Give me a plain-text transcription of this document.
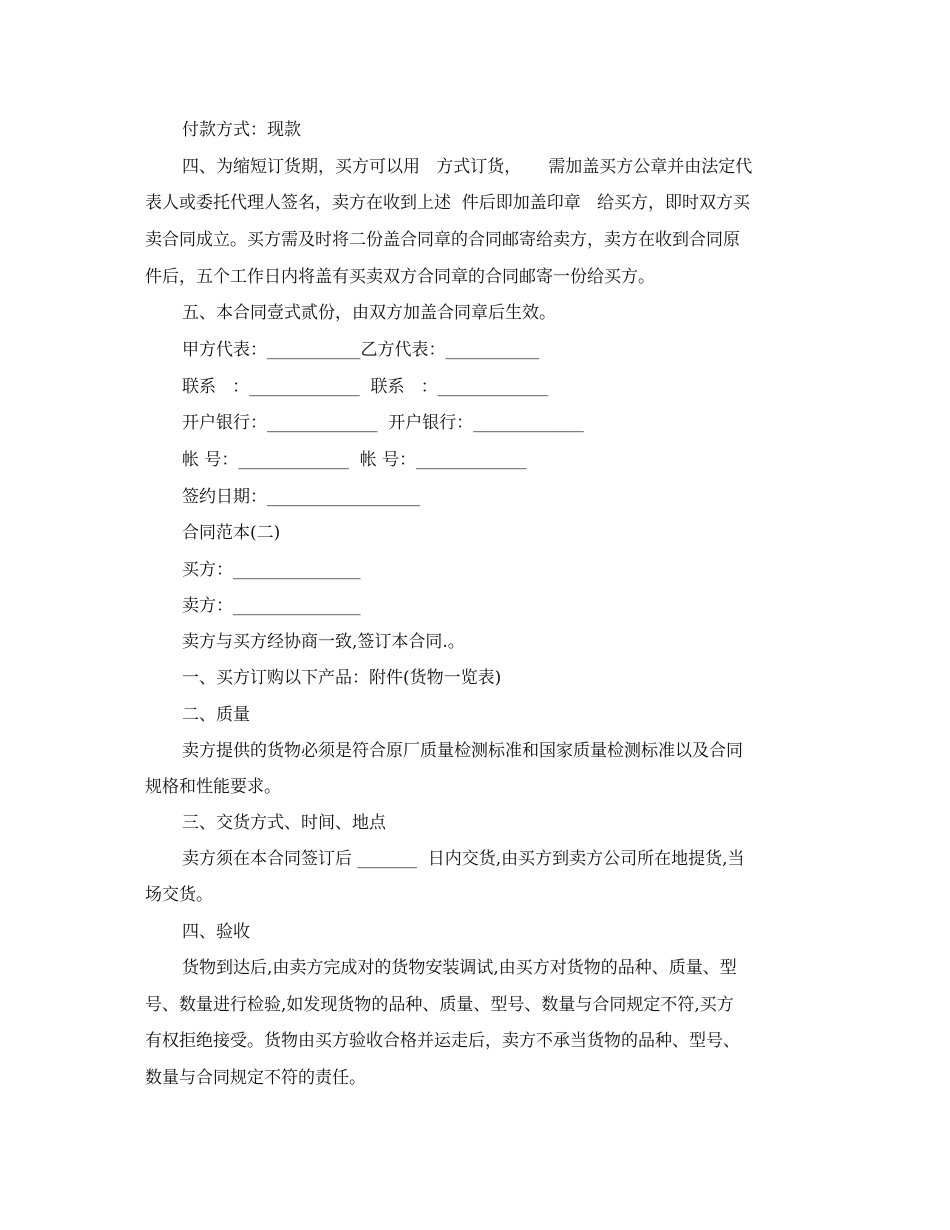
付款方式：现款
四、为缩短订货期，买方可以用   方式订货，     需加盖买方公章并由法定代
表人或委托代理人签名，卖方在收到上述  件后即加盖印章   给买方，即时双方买
卖合同成立。买方需及时将二份盖合同章的合同邮寄给卖方，卖方在收到合同原
件后，五个工作日内将盖有买卖双方合同章的合同邮寄一份给买方。
五、本合同壹式贰份，由双方加盖合同章后生效。
甲方代表：___________乙方代表：___________
联系   ：_____________  联系   ：_____________
开户银行：_____________  开户银行：_____________
帐 号：_____________  帐 号：_____________
签约日期：__________________
合同范本(二)
买方：_______________
卖方：_______________
卖方与买方经协商一致,签订本合同.。
一、买方订购以下产品：附件(货物一览表)
二、质量
卖方提供的货物必须是符合原厂质量检测标准和国家质量检测标准以及合同
规格和性能要求。
三、交货方式、时间、地点
卖方须在本合同签订后 _______  日内交货,由买方到卖方公司所在地提货,当
场交货。
四、验收
货物到达后,由卖方完成对的货物安装调试,由买方对货物的品种、质量、型
号、数量进行检验,如发现货物的品种、质量、型号、数量与合同规定不符,买方
有权拒绝接受。货物由买方验收合格并运走后，卖方不承当货物的品种、型号、
数量与合同规定不符的责任。
